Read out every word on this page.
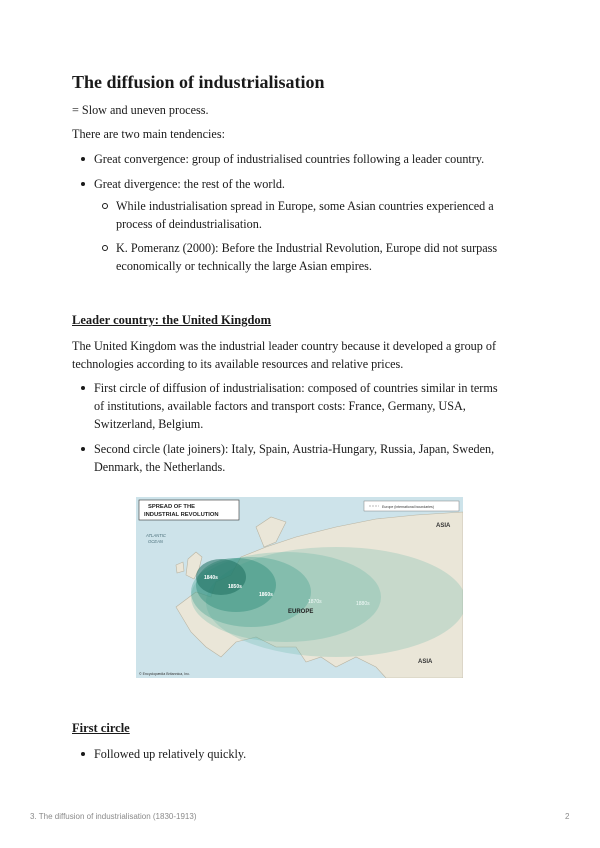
The diffusion of industrialisation

= Slow and uneven process.

There are two main tendencies:

Great convergence: group of industrialised countries following a leader country.
Great divergence: the rest of the world.
While industrialisation spread in Europe, some Asian countries experienced a process of deindustrialisation.
K. Pomeranz (2000): Before the Industrial Revolution, Europe did not surpass economically or technically the large Asian empires.
Leader country: the United Kingdom

The United Kingdom was the industrial leader country because it developed a group of technologies according to its available resources and relative prices.

First circle of diffusion of industrialisation: composed of countries similar in terms of institutions, available factors and transport costs: France, Germany, USA, Switzerland, Belgium.
Second circle (late joiners): Italy, Spain, Austria-Hungary, Russia, Japan, Sweden, Denmark, the Netherlands.
SPREAD OF THE
INDUSTRIAL REVOLUTION
Europe (international boundaries)
ATLANTIC
OCEAN
ASIA
ASIA
EUROPE
1840s
1850s
1860s
1870s	1880s
© Encyclopædia Britannica, Inc.
First circle
Followed up relatively quickly.
3. The diffusion of industrialisation (1830-1913)	2
